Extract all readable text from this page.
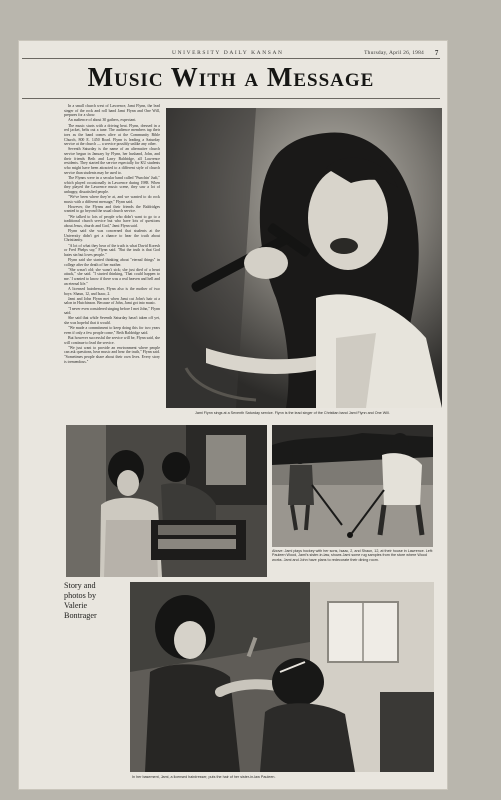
UNIVERSITY DAILY KANSAN	Thursday, April 26, 1984 7
Music With a Message

In a small church west of Lawrence, Jami Flynn, the lead singer of the rock and roll band Jami Flynn and One Will, prepares for a show.

An audience of about 30 gathers, expectant.

The music starts with a driving beat. Flynn, dressed in a red jacket, belts out a tune. The audience members tap their toes as the band comes alive at the Community Bible Church, 800 E. 1450 Road. Flynn is leading a Saturday service at the church — a service possibly unlike any other.

Seventh Saturday is the name of an alternative church service begun in January by Flynn, her husband, John, and their friends Beth and Larry Baldridge, all Lawrence residents. They started the service especially for KU students who might have been attracted to a different style of church service than students may be used to.

The Flynns were in a secular band called "Punchin' Judi," which played occasionally in Lawrence during 1988. When they played the Lawrence music scene, they saw a lot of unhappy, dissatisfied people.

"We've been where they're at, and we wanted to do rock music with a different message," Flynn said.

However, the Flynns and their friends the Baldridges wanted to go beyond the usual church service.

"We talked to lots of people who didn't want to go to a traditional church service but who have lots of questions about Jesus, church and God," Jami Flynn said.

Flynn said she was concerned that students at the University didn't get a chance to hear the truth about Christianity.

"A lot of what they hear of the truth is what David Koresh or Fred Phelps say," Flynn said. "But the truth is that God hates sin but loves people."

Flynn said she started thinking about "eternal things" in college after the death of her mother.

"She wasn't old; she wasn't sick; she just died of a heart attack," she said. "I started thinking, 'That could happen to me.' I wanted to know if there was a real heaven and hell and an eternal life."

A licensed hairdresser, Flynn also is the mother of two boys: Shaun, 12, and Isaac, 2.

Jami and John Flynn met when Jami cut John's hair at a salon in Hutchinson. Because of John, Jami got into music.

"I never even considered singing before I met John," Flynn said.

She said that while Seventh Saturday hasn't taken off yet, she was hopeful that it would.

"We made a commitment to keep doing this for two years even if only a few people come," Beth Baldridge said.

But however successful the service will be, Flynn said, she will continue to lead the service.

"We just want to provide an environment where people can ask questions, hear music and hear the truth," Flynn said. "Sometimes people share about their own lives. Every story is tremendous."

Jami Flynn sings at a Seventh Saturday service. Flynn is the lead singer of the Christian band Jami Flynn and One Will.
Above: Jami plays hockey with her sons, Isaac, 2, and Shaun, 12, at their house in Lawrence. Left: Pauleen Wood, Jami's sister-in-law, shows Jami some rug samples from the store where Wood works. Jami and John have plans to redecorate their dining room.
Story and
photos by
Valerie
Bontrager
In her basement, Jami, a licensed hairdresser, puts the hair of her sister-in-law Pauleen.
